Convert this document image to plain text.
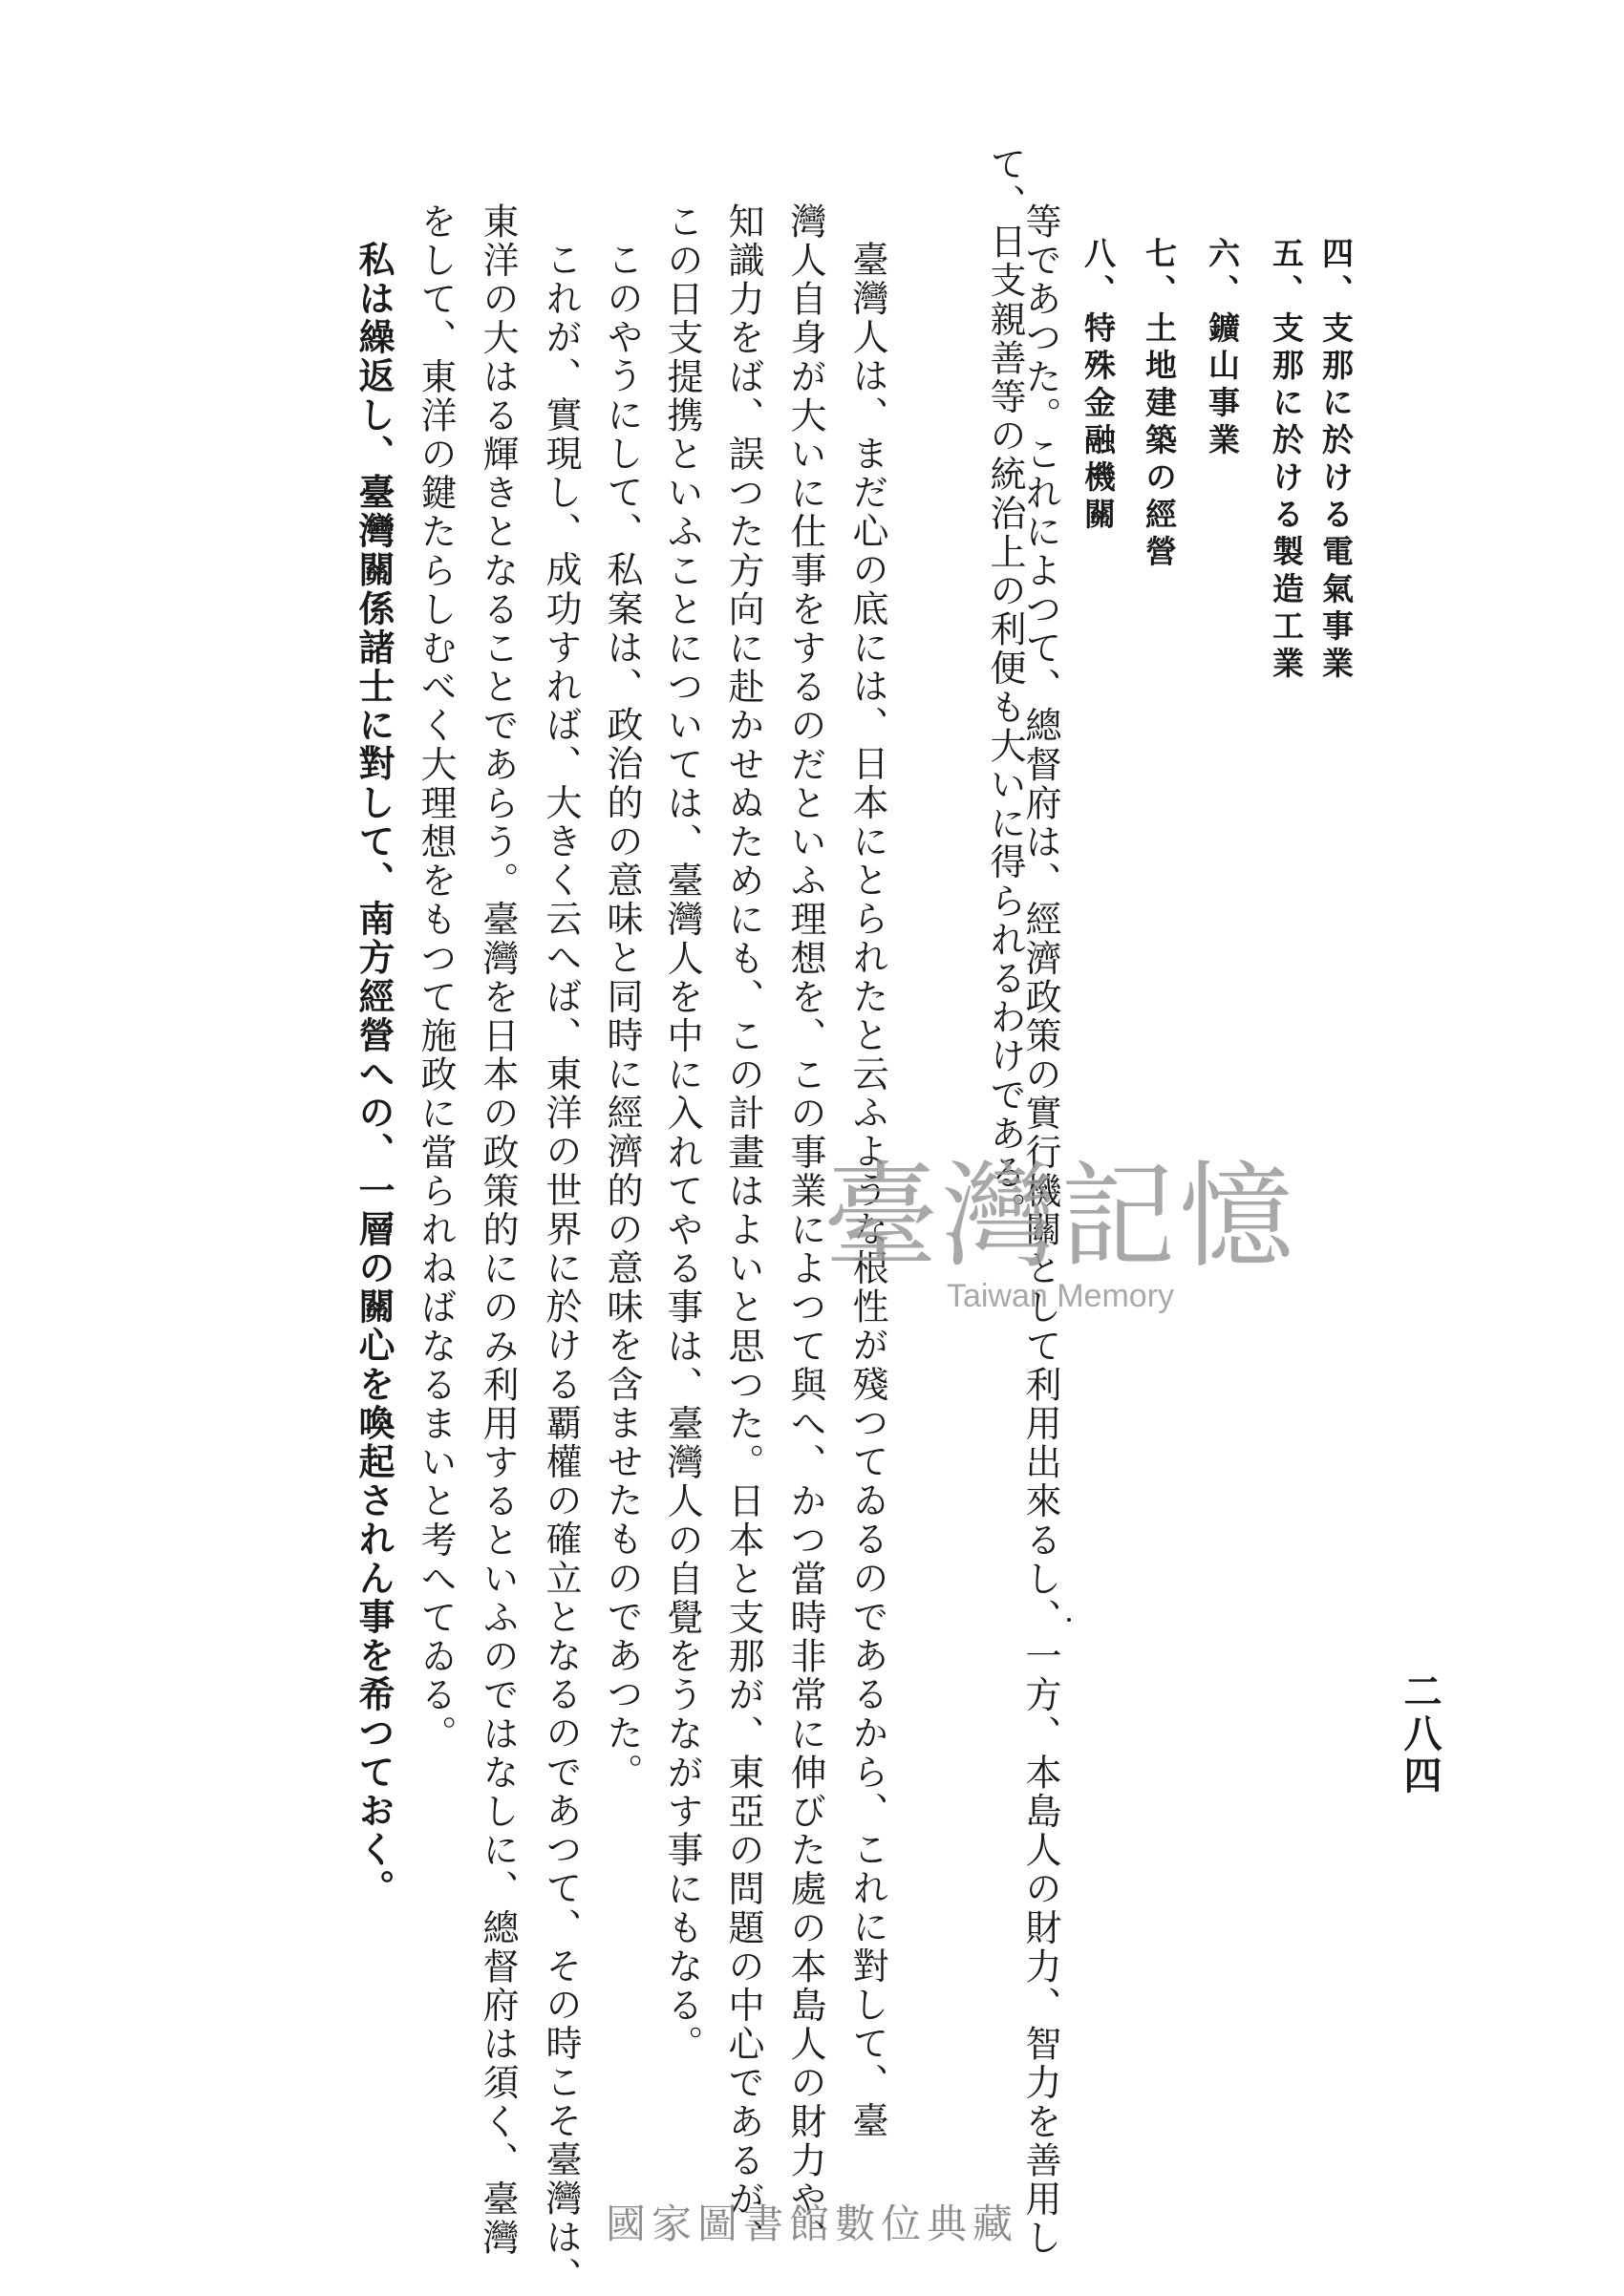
二八四
四、支那に於ける電氣事業
五、支那に於ける製造工業
六、鑛山事業
七、土地建築の經營
八、特殊金融機關
て、日支親善等の統治上の利便も大いに得られるわけである。
等であつた。これによつて、總督府は、經濟政策の實行機關として利用出來るし、一方、本島人の財力、智力を善用し
臺灣人は、まだ心の底には、日本にとられたと云ふような根性が殘つてゐるのであるから、これに對して、臺
灣人自身が大いに仕事をするのだといふ理想を、この事業によつて與へ、かつ當時非常に伸びた處の本島人の財力や、
知識力をば、誤つた方向に赴かせぬためにも、この計畫はよいと思つた。日本と支那が、東亞の問題の中心であるが、
この日支提携といふことについては、臺灣人を中に入れてやる事は、臺灣人の自覺をうながす事にもなる。
このやうにして、私案は、政治的の意味と同時に經濟的の意味を含ませたものであつた。
これが、實現し、成功すれば、大きく云へば、東洋の世界に於ける覇權の確立となるのであつて、その時こそ臺灣は、
東洋の大はる輝きとなることであらう。臺灣を日本の政策的にのみ利用するといふのではなしに、總督府は須く、臺灣
をして、東洋の鍵たらしむべく大理想をもつて施政に當られねばなるまいと考へてゐる。
私は繰返し、臺灣關係諸士に對して、南方經營への、一層の關心を喚起されん事を希つておく。	臺灣記憶
Taiwan Memory
國家圖書館數位典藏
